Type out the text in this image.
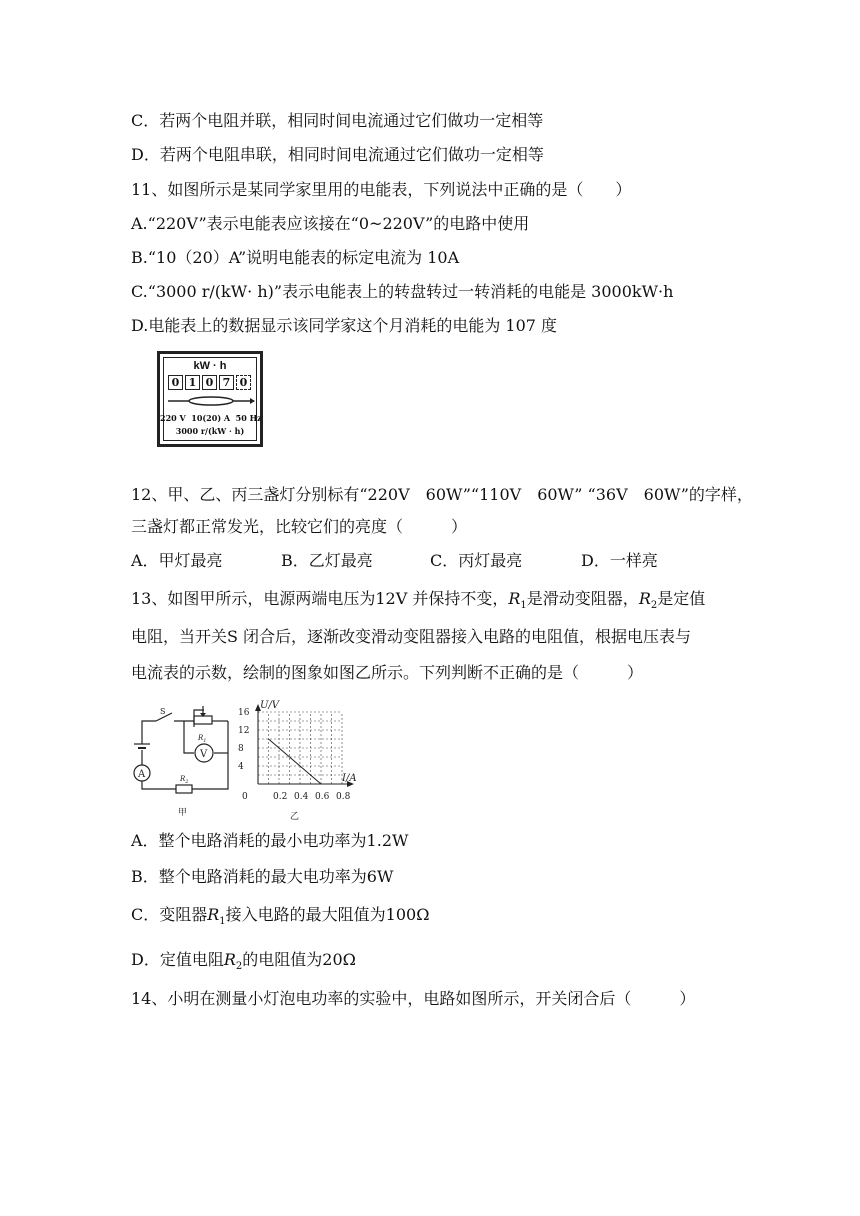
C．若两个电阻并联，相同时间电流通过它们做功一定相等
D．若两个电阻串联，相同时间电流通过它们做功一定相等
11、如图所示是某同学家里用的电能表，下列说法中正确的是（　　）
A.“220V”表示电能表应该接在“0~220V”的电路中使用
B.“10（20）A”说明电能表的标定电流为 10A
C.“3000 r/(kW· h)”表示电能表上的转盘转过一转消耗的电能是 3000kW·h
D.电能表上的数据显示该同学家这个月消耗的电能为 107 度
kW · h
0 1 0 7 0
220 V  10(20) A  50 Hz
3000 r/(kW · h)
12、甲、乙、丙三盏灯分别标有“220V　60W”“110V　60W” “36V　60W”的字样，
三盏灯都正常发光，比较它们的亮度（　　　）
A．甲灯最亮	B．乙灯最亮	C．丙灯最亮	D．一样亮
13、如图甲所示，电源两端电压为12V 并保持不变，$R_1$是滑动变阻器，$R_2$是定值
电阻，当开关S 闭合后，逐渐改变滑动变阻器接入电路的电阻值，根据电压表与
电流表的示数，绘制的图象如图乙所示。下列判断不正确的是（　　　）
S
$R_1$
$R_2$
A
V
甲
U/V
I/A
0
16
12
8
4
0.2 0.4 0.6 0.8
乙
A．整个电路消耗的最小电功率为1.2W
B．整个电路消耗的最大电功率为6W
C．变阻器$R_1$接入电路的最大阻值为100Ω
D．定值电阻$R_2$的电阻值为20Ω
14、小明在测量小灯泡电功率的实验中，电路如图所示，开关闭合后（　　　）
